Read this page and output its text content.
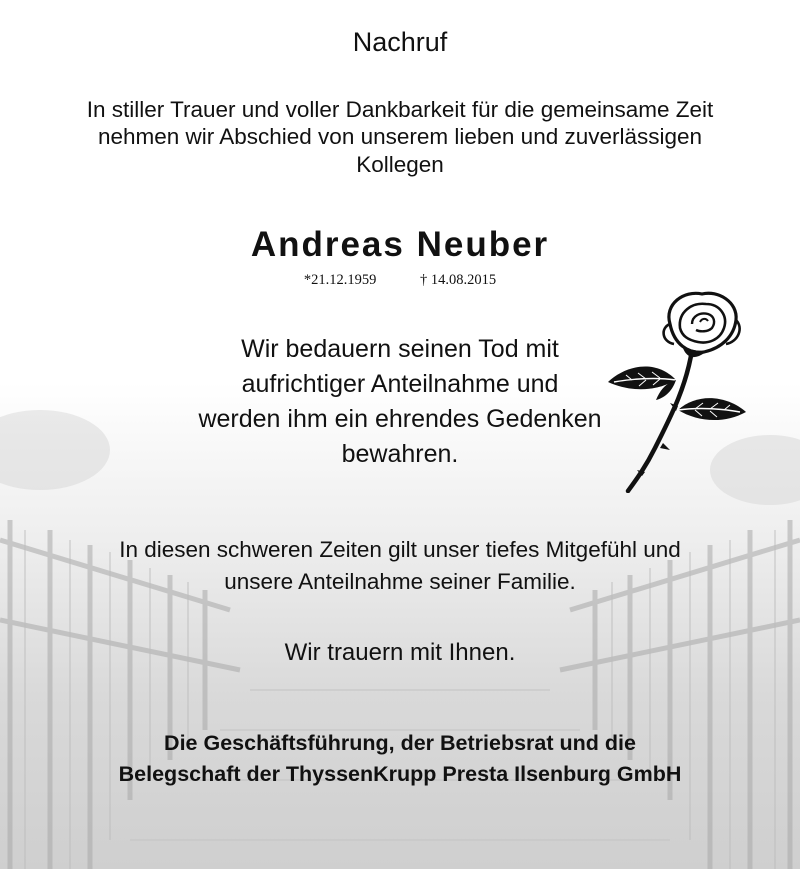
Nachruf
In stiller Trauer und voller Dankbarkeit für die gemeinsame Zeit
nehmen wir Abschied von unserem lieben und zuverlässigen
Kollegen
Andreas Neuber
*21.12.1959	† 14.08.2015
Wir bedauern seinen Tod mit
aufrichtiger Anteilnahme und
werden ihm ein ehrendes Gedenken
bewahren.
In diesen schweren Zeiten gilt unser tiefes Mitgefühl und
unsere Anteilnahme seiner Familie.
Wir trauern mit Ihnen.
Die Geschäftsführung, der Betriebsrat und die
Belegschaft der ThyssenKrupp Presta Ilsenburg GmbH
